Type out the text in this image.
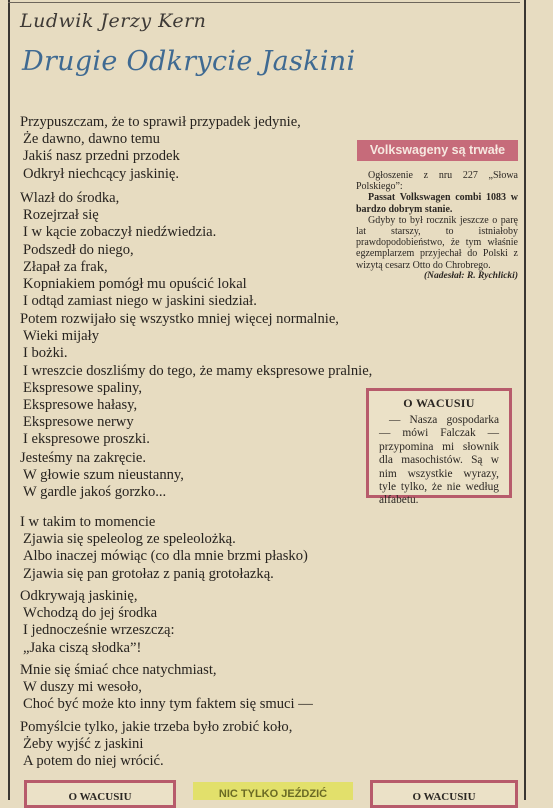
Ludwik Jerzy Kern
Drugie Odkrycie Jaskini
Przypuszczam, że to sprawił przypadek jedynie,
Że dawno, dawno temu
Jakiś nasz przedni przodek
Odkrył niechcący jaskinię.
Wlazł do środka,
Rozejrzał się
I w kącie zobaczył niedźwiedzia.
Podszedł do niego,
Złapał za frak,
Kopniakiem pomógł mu opuścić lokal
I odtąd zamiast niego w jaskini siedział.
Potem rozwijało się wszystko mniej więcej normalnie,
Wieki mijały
I bożki.
I wreszcie doszliśmy do tego, że mamy ekspresowe pralnie,
Ekspresowe spaliny,
Ekspresowe hałasy,
Ekspresowe nerwy
I ekspresowe proszki.
Jesteśmy na zakręcie.
W głowie szum nieustanny,
W gardle jakoś gorzko...
I w takim to momencie
Zjawia się speleolog ze speleolożką.
Albo inaczej mówiąc (co dla mnie brzmi płasko)
Zjawia się pan grotołaz z panią grotołazką.
Odkrywają jaskinię,
Wchodzą do jej środka
I jednocześnie wrzeszczą:
„Jaka ciszą słodka”!
Mnie się śmiać chce natychmiast,
W duszy mi wesoło,
Choć być może kto inny tym faktem się smuci —
Pomyślcie tylko, jakie trzeba było zrobić koło,
Żeby wyjść z jaskini
A potem do niej wrócić.
Volkswageny są trwałe

Ogłoszenie z nru 227 „Słowa Polskiego”:

Passat Volkswagen combi 1083 w bardzo dobrym stanie.

Gdyby to był rocznik jeszcze o parę lat starszy, to istniałoby prawdopodobieństwo, że tym właśnie egzemplarzem przyjechał do Polski z wizytą cesarz Otto do Chrobrego.

(Nadesłał: R. Rychlicki)

O WACUSIU
— Nasza gospodarka — mówi Falczak — przypomina mi słownik dla masochistów. Są w nim wszystkie wyrazy, tyle tylko, że nie według alfabetu.
O WACUSIU	NIC TYLKO JEŹDZIĆ	O WACUSIU
